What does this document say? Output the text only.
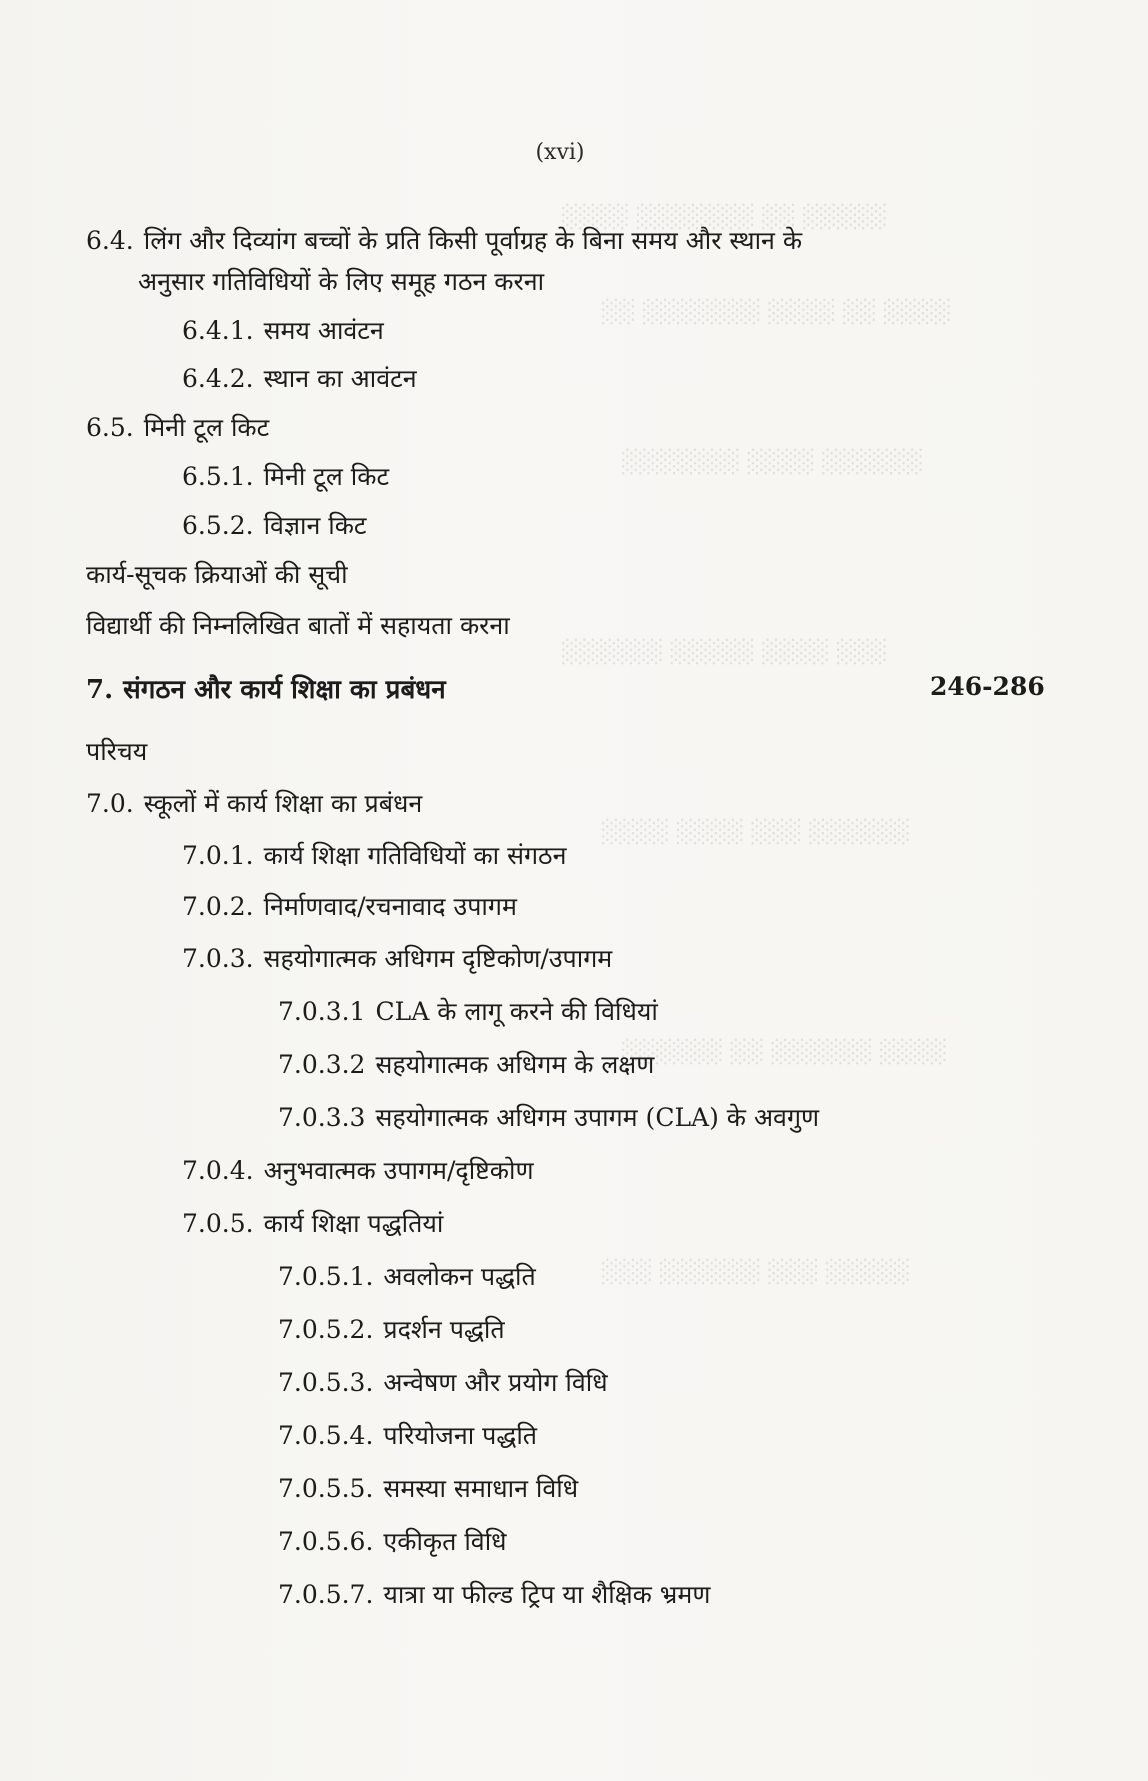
░░░░░ ░░ ░░░░░░░ ░░░░
░░░░ ░░ ░░░░ ░░░░░░░ ░░
░░░░░░ ░░░░ ░░░░░░░
░░░ ░░░░ ░░░░░ ░░░░░░
░░░░░░ ░░░ ░░░░ ░░░░
░░░░ ░░░░░░ ░░ ░░░░░░
░░░░░ ░░░ ░░░░░░ ░░░
(xvi)
6.4. लिंग और दिव्यांग बच्चों के प्रति किसी पूर्वाग्रह के बिना समय और स्थान के
अनुसार गतिविधियों के लिए समूह गठन करना
6.4.1. समय आवंटन
6.4.2. स्थान का आवंटन
6.5. मिनी टूल किट
6.5.1. मिनी टूल किट
6.5.2. विज्ञान किट
कार्य-सूचक क्रियाओं की सूची
विद्यार्थी की निम्नलिखित बातों में सहायता करना
7. संगठन और कार्य शिक्षा का प्रबंधन	246-286
परिचय
7.0. स्कूलों में कार्य शिक्षा का प्रबंधन
7.0.1. कार्य शिक्षा गतिविधियों का संगठन
7.0.2. निर्माणवाद/रचनावाद उपागम
7.0.3. सहयोगात्मक अधिगम दृष्टिकोण/उपागम
7.0.3.1 CLA के लागू करने की विधियां
7.0.3.2 सहयोगात्मक अधिगम के लक्षण
7.0.3.3 सहयोगात्मक अधिगम उपागम (CLA) के अवगुण
7.0.4. अनुभवात्मक उपागम/दृष्टिकोण
7.0.5. कार्य शिक्षा पद्धतियां
7.0.5.1. अवलोकन पद्धति
7.0.5.2. प्रदर्शन पद्धति
7.0.5.3. अन्वेषण और प्रयोग विधि
7.0.5.4. परियोजना पद्धति
7.0.5.5. समस्या समाधान विधि
7.0.5.6. एकीकृत विधि
7.0.5.7. यात्रा या फील्ड ट्रिप या शैक्षिक भ्रमण
